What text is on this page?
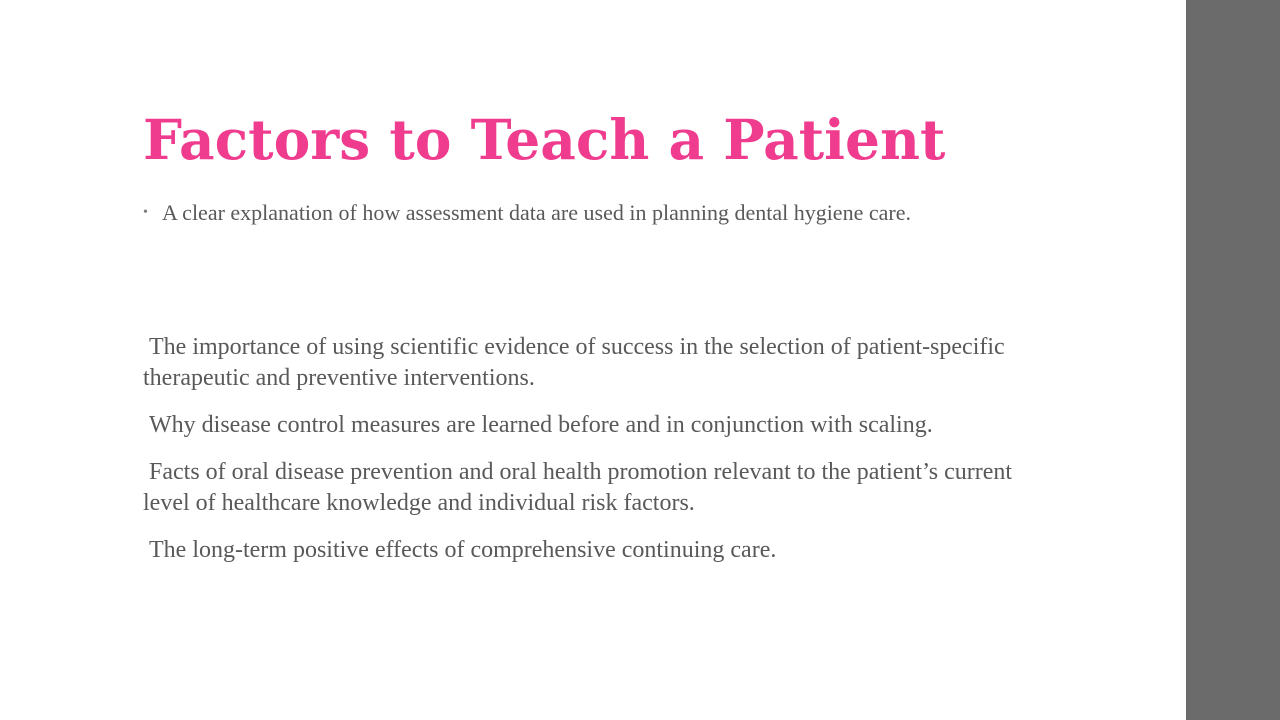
Factors to Teach a Patient
• A clear explanation of how assessment data are used in planning dental hygiene care.

The importance of using scientific evidence of success in the selection of patient-specific therapeutic and preventive interventions.

Why disease control measures are learned before and in conjunction with scaling.

Facts of oral disease prevention and oral health promotion relevant to the patient’s current level of healthcare knowledge and individual risk factors.

The long-term positive effects of comprehensive continuing care.
